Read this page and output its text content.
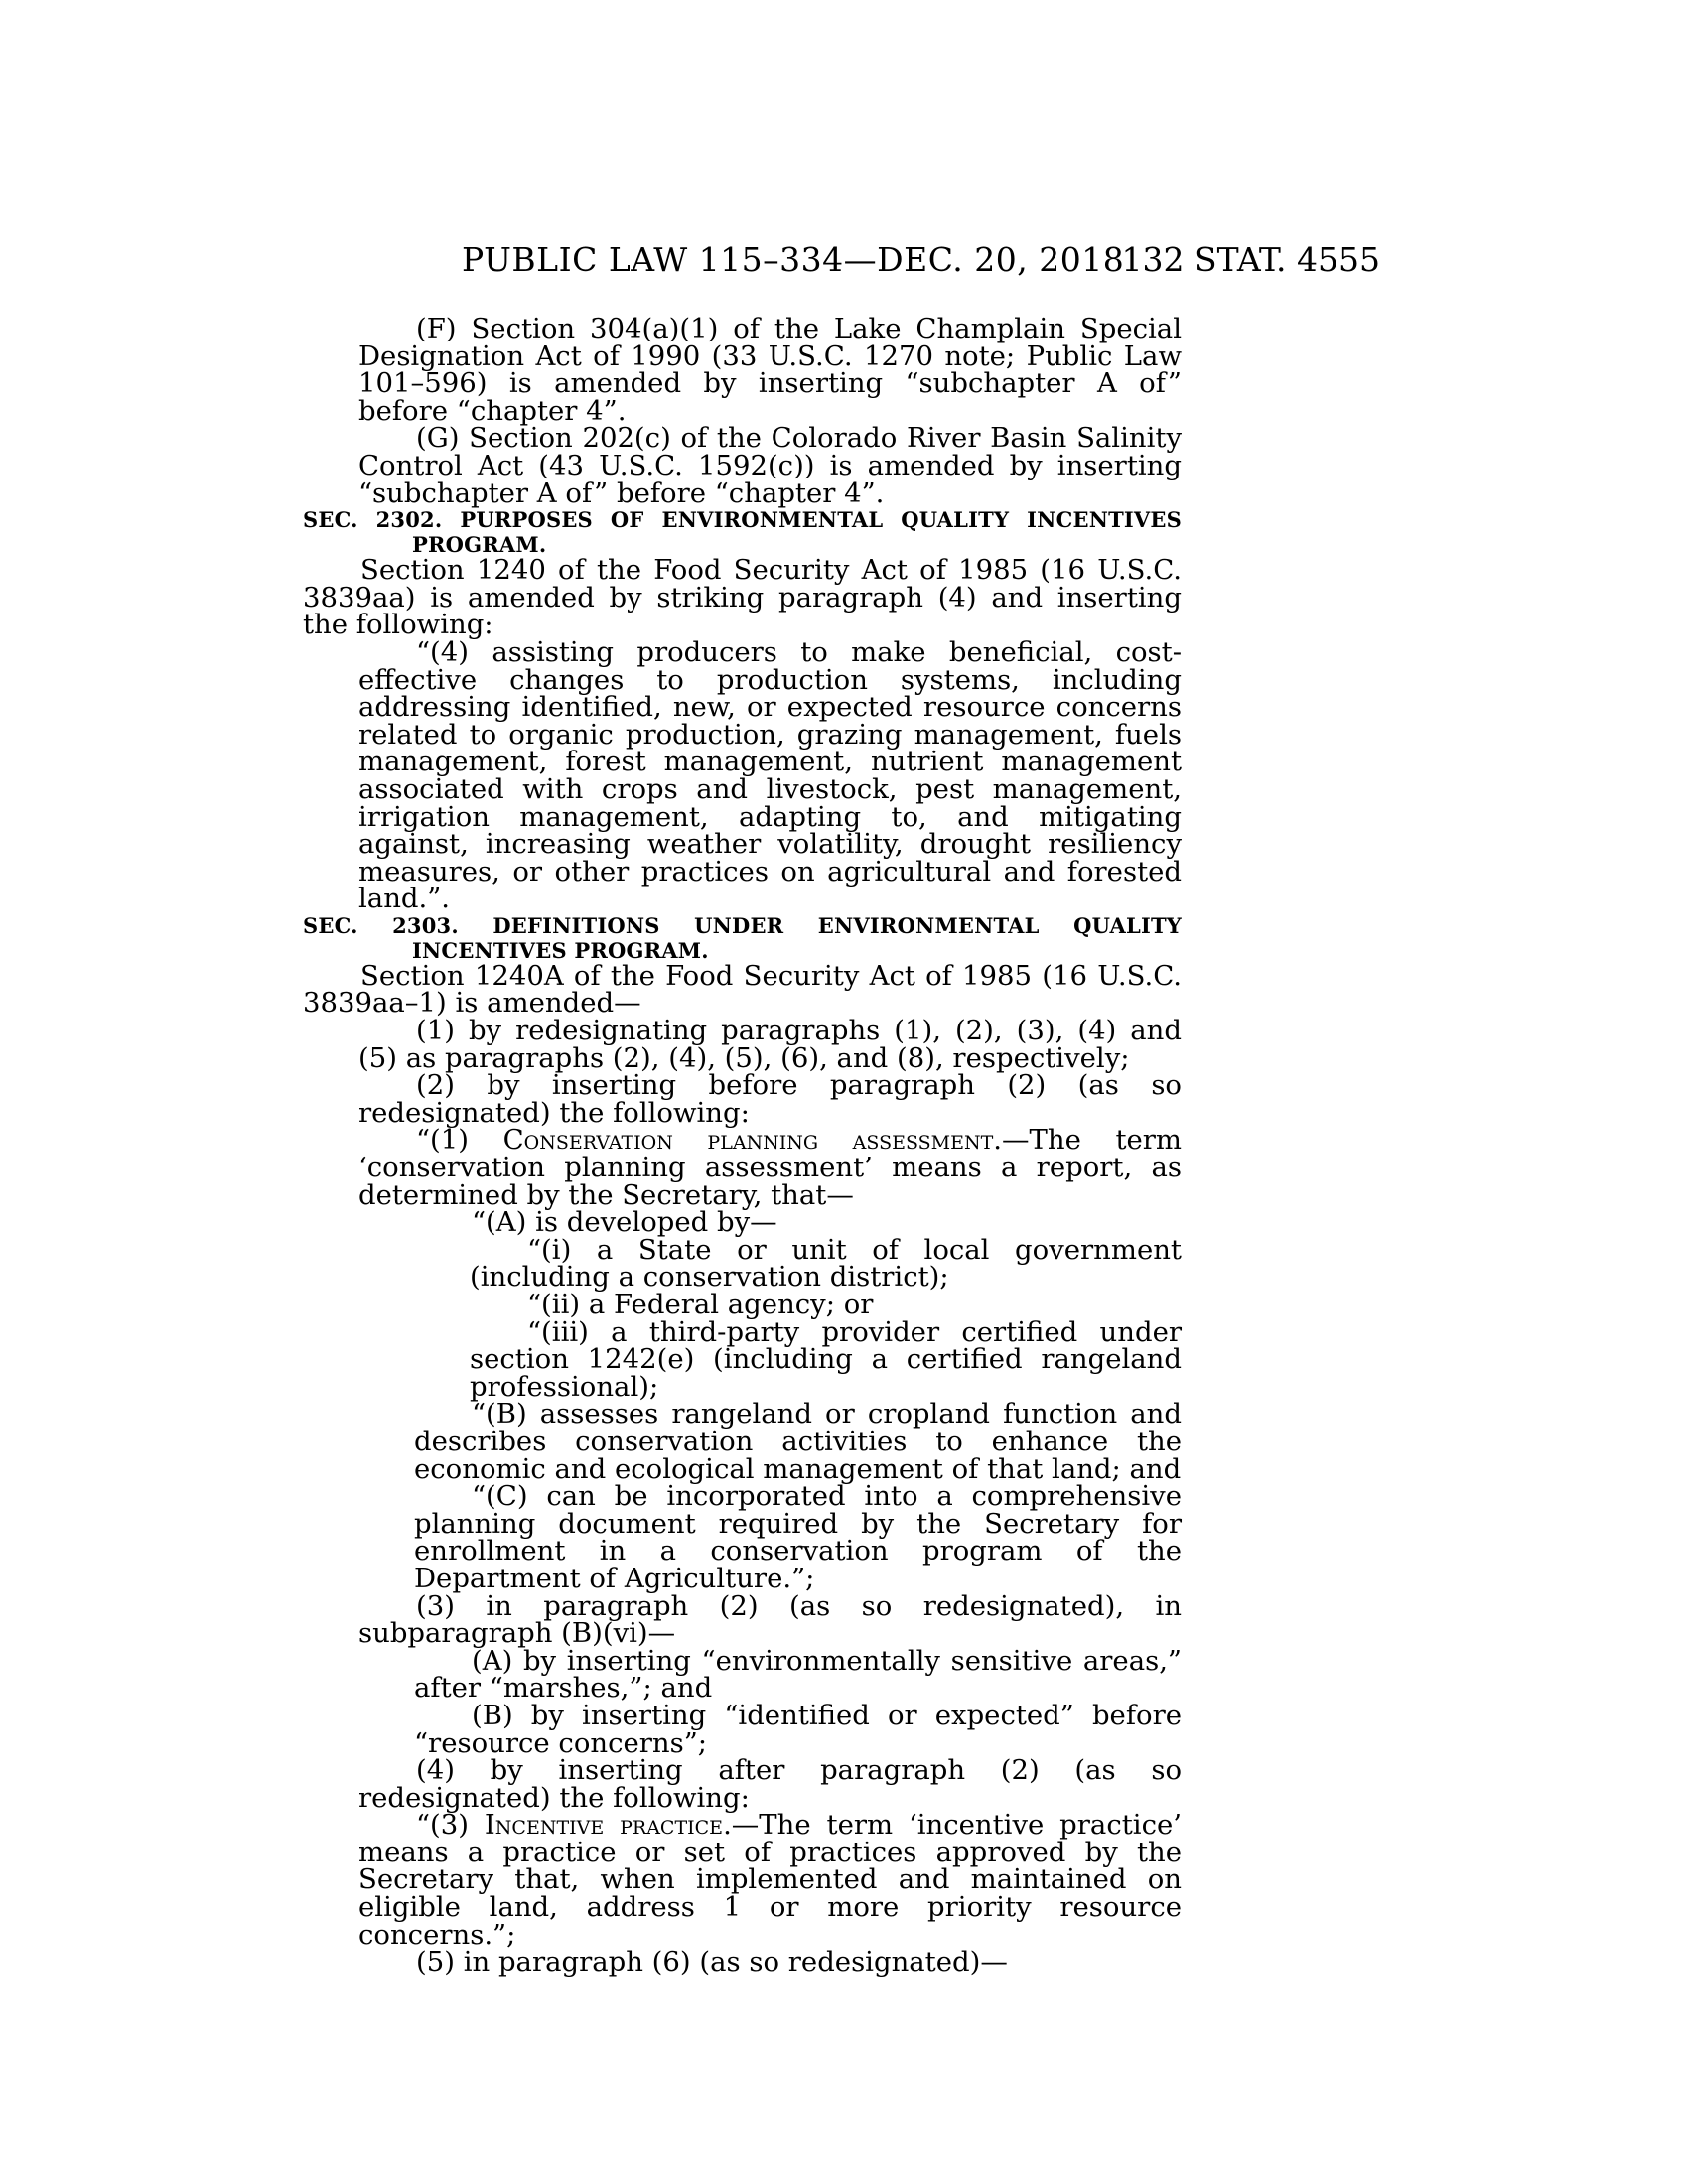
PUBLIC LAW 115–334—DEC. 20, 2018
132 STAT. 4555

(F) Section 304(a)(1) of the Lake Champlain Special Designation Act of 1990 (33 U.S.C. 1270 note; Public Law 101–596) is amended by inserting “subchapter A of” before “chapter 4”.

(G) Section 202(c) of the Colorado River Basin Salinity Control Act (43 U.S.C. 1592(c)) is amended by inserting “subchapter A of” before “chapter 4”.

SEC. 2302. PURPOSES OF ENVIRONMENTAL QUALITY INCENTIVES PROGRAM.

Section 1240 of the Food Security Act of 1985 (16 U.S.C. 3839aa) is amended by striking paragraph (4) and inserting the following:

“(4) assisting producers to make beneficial, cost-effective changes to production systems, including addressing identified, new, or expected resource concerns related to organic production, grazing management, fuels management, forest management, nutrient management associated with crops and livestock, pest management, irrigation management, adapting to, and mitigating against, increasing weather volatility, drought resiliency measures, or other practices on agricultural and forested land.”.

SEC. 2303. DEFINITIONS UNDER ENVIRONMENTAL QUALITY INCENTIVES PROGRAM.

Section 1240A of the Food Security Act of 1985 (16 U.S.C. 3839aa–1) is amended—

(1) by redesignating paragraphs (1), (2), (3), (4) and (5) as paragraphs (2), (4), (5), (6), and (8), respectively;

(2) by inserting before paragraph (2) (as so redesignated) the following:

“(1) Conservation planning assessment.—The term ‘conservation planning assessment’ means a report, as determined by the Secretary, that—

“(A) is developed by—

“(i) a State or unit of local government (including a conservation district);

“(ii) a Federal agency; or

“(iii) a third-party provider certified under section 1242(e) (including a certified rangeland professional);

“(B) assesses rangeland or cropland function and describes conservation activities to enhance the economic and ecological management of that land; and

“(C) can be incorporated into a comprehensive planning document required by the Secretary for enrollment in a conservation program of the Department of Agriculture.”;

(3) in paragraph (2) (as so redesignated), in subparagraph (B)(vi)—

(A) by inserting “environmentally sensitive areas,” after “marshes,”; and

(B) by inserting “identified or expected” before “resource concerns”;

(4) by inserting after paragraph (2) (as so redesignated) the following:

“(3) Incentive practice.—The term ‘incentive practice’ means a practice or set of practices approved by the Secretary that, when implemented and maintained on eligible land, address 1 or more priority resource concerns.”;

(5) in paragraph (6) (as so redesignated)—
